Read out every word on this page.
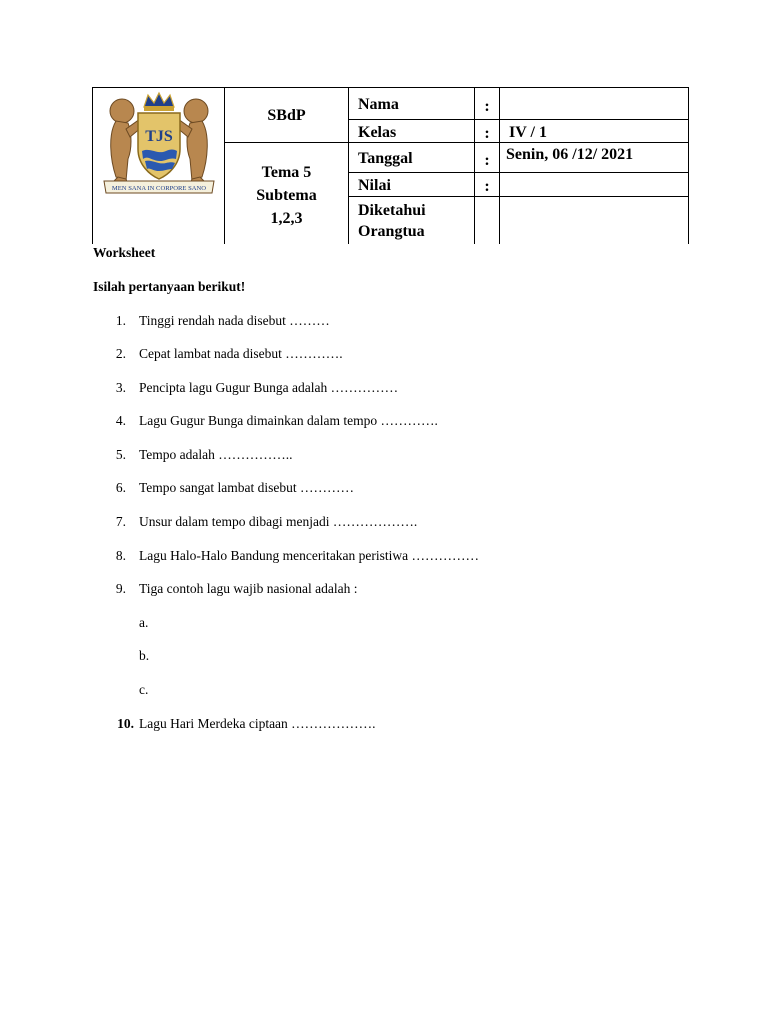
TJS
MEN SANA IN CORPORE SANO
SBdP
Tema 5
Subtema
1,2,3
Nama
Kelas
Tanggal
Nilai
Diketahui
Orangtua
:
:
:
:
IV / 1
Senin, 06 /12/ 2021
Worksheet
Isilah pertanyaan berikut!
1. Tinggi rendah nada disebut ………
2. Cepat lambat nada disebut ………….
3. Pencipta lagu Gugur Bunga adalah ……………
4. Lagu Gugur Bunga dimainkan dalam tempo ………….
5. Tempo adalah ……………..
6. Tempo sangat lambat disebut …………
7. Unsur dalam tempo dibagi menjadi ……………….
8. Lagu Halo-Halo Bandung menceritakan peristiwa ……………
9. Tiga contoh lagu wajib nasional adalah :
a.
b.
c.
10. Lagu Hari Merdeka ciptaan ……………….
